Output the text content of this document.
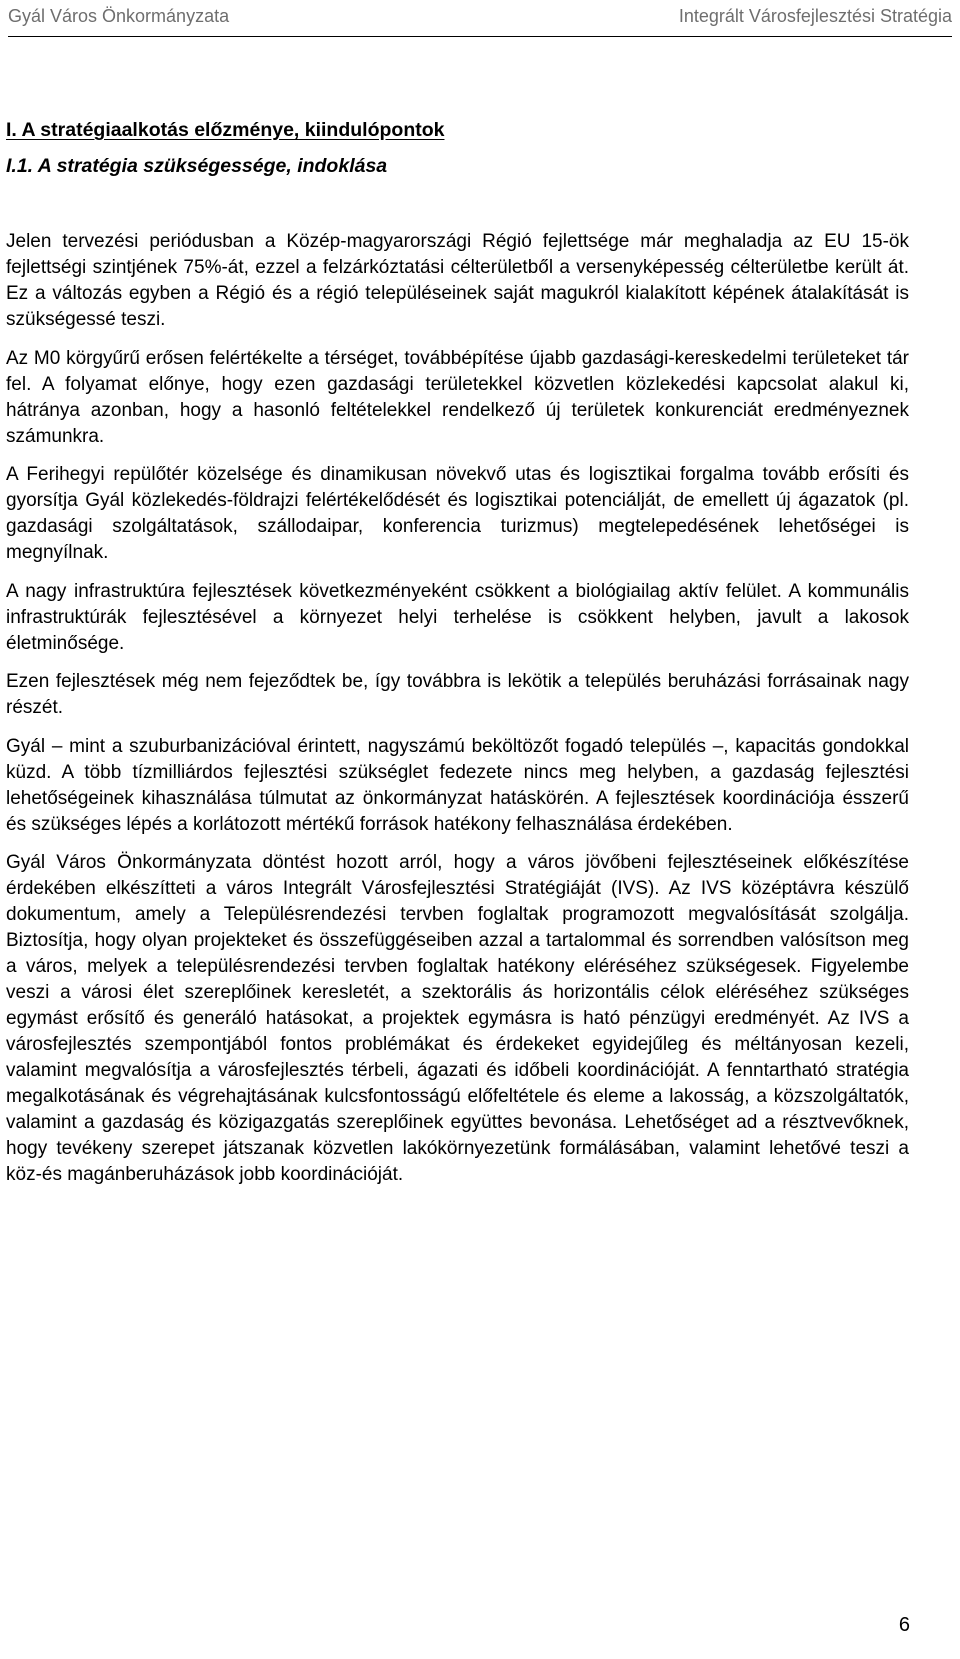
Gyál Város Önkormányzata	Integrált Városfejlesztési Stratégia
I. A stratégiaalkotás előzménye, kiindulópontok
I.1. A stratégia szükségessége, indoklása

Jelen tervezési periódusban a Közép-magyarországi Régió fejlettsége már meghaladja az EU 15-ök fejlettségi szintjének 75%-át, ezzel a felzárkóztatási célterületből a versenyképesség célterületbe került át. Ez a változás egyben a Régió és a régió településeinek saját magukról kialakított képének átalakítását is szükségessé teszi.

Az M0 körgyűrű erősen felértékelte a térséget, továbbépítése újabb gazdasági-kereskedelmi területeket tár fel. A folyamat előnye, hogy ezen gazdasági területekkel közvetlen közlekedési kapcsolat alakul ki, hátránya azonban, hogy a hasonló feltételekkel rendelkező új területek konkurenciát eredményeznek számunkra.

A Ferihegyi repülőtér közelsége és dinamikusan növekvő utas és logisztikai forgalma tovább erősíti és gyorsítja Gyál közlekedés-földrajzi felértékelődését és logisztikai potenciálját, de emellett új ágazatok (pl. gazdasági szolgáltatások, szállodaipar, konferencia turizmus) megtelepedésének lehetőségei is megnyílnak.

A nagy infrastruktúra fejlesztések következményeként csökkent a biológiailag aktív felület. A kommunális infrastruktúrák fejlesztésével a környezet helyi terhelése is csökkent helyben, javult a lakosok életminősége.

Ezen fejlesztések még nem fejeződtek be, így továbbra is lekötik a település beruházási forrásainak nagy részét.

Gyál – mint a szuburbanizációval érintett, nagyszámú beköltözőt fogadó település –, kapacitás gondokkal küzd. A több tízmilliárdos fejlesztési szükséglet fedezete nincs meg helyben, a gazdaság fejlesztési lehetőségeinek kihasználása túlmutat az önkormányzat hatáskörén. A fejlesztések koordinációja ésszerű és szükséges lépés a korlátozott mértékű források hatékony felhasználása érdekében.

Gyál Város Önkormányzata döntést hozott arról, hogy a város jövőbeni fejlesztéseinek előkészítése érdekében elkészítteti a város Integrált Városfejlesztési Stratégiáját (IVS). Az IVS középtávra készülő dokumentum, amely a Településrendezési tervben foglaltak programozott megvalósítását szolgálja. Biztosítja, hogy olyan projekteket és összefüggéseiben azzal a tartalommal és sorrendben valósítson meg a város, melyek a településrendezési tervben foglaltak hatékony eléréséhez szükségesek. Figyelembe veszi a városi élet szereplőinek keresletét, a szektorális ás horizontális célok eléréséhez szükséges egymást erősítő és generáló hatásokat, a projektek egymásra is ható pénzügyi eredményét. Az IVS a városfejlesztés szempontjából fontos problémákat és érdekeket egyidejűleg és méltányosan kezeli, valamint megvalósítja a városfejlesztés térbeli, ágazati és időbeli koordinációját. A fenntartható stratégia megalkotásának és végrehajtásának kulcsfontosságú előfeltétele és eleme a lakosság, a közszolgáltatók, valamint a gazdaság és közigazgatás szereplőinek együttes bevonása. Lehetőséget ad a résztvevőknek, hogy tevékeny szerepet játszanak közvetlen lakókörnyezetünk formálásában, valamint lehetővé teszi a köz-és magánberuházások jobb koordinációját.

6
